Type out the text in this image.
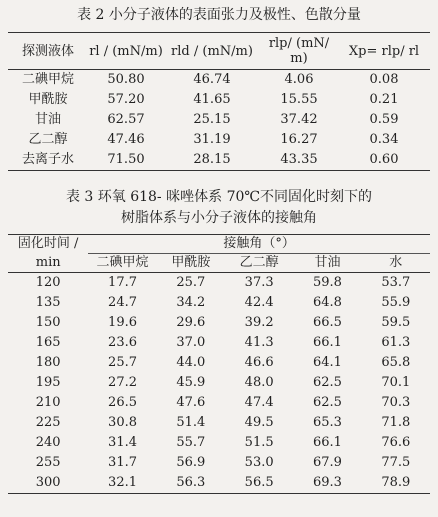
表 2 小分子液体的表面张力及极性、色散分量
探测液体	rl / (mN/m)	rld / (mN/m)	rlp/ (mN/ m)	Xp= rlp/ rl
二碘甲烷	50.80	46.74	4.06	0.08
甲酰胺	57.20	41.65	15.55	0.21
甘油	62.57	25.15	37.42	0.59
乙二醇	47.46	31.19	16.27	0.34
去离子水	71.50	28.15	43.35	0.60
表 3 环氧 618- 咪唑体系 70℃不同固化时刻下的
树脂体系与小分子液体的接触角
固化时间 /	接触角（°）				
min	二碘甲烷	甲酰胺	乙二醇	甘油	水
120	17.7	25.7	37.3	59.8	53.7
135	24.7	34.2	42.4	64.8	55.9
150	19.6	29.6	39.2	66.5	59.5
165	23.6	37.0	41.3	66.1	61.3
180	25.7	44.0	46.6	64.1	65.8
195	27.2	45.9	48.0	62.5	70.1
210	26.5	47.6	47.4	62.5	70.3
225	30.8	51.4	49.5	65.3	71.8
240	31.4	55.7	51.5	66.1	76.6
255	31.7	56.9	53.0	67.9	77.5
300	32.1	56.3	56.5	69.3	78.9
